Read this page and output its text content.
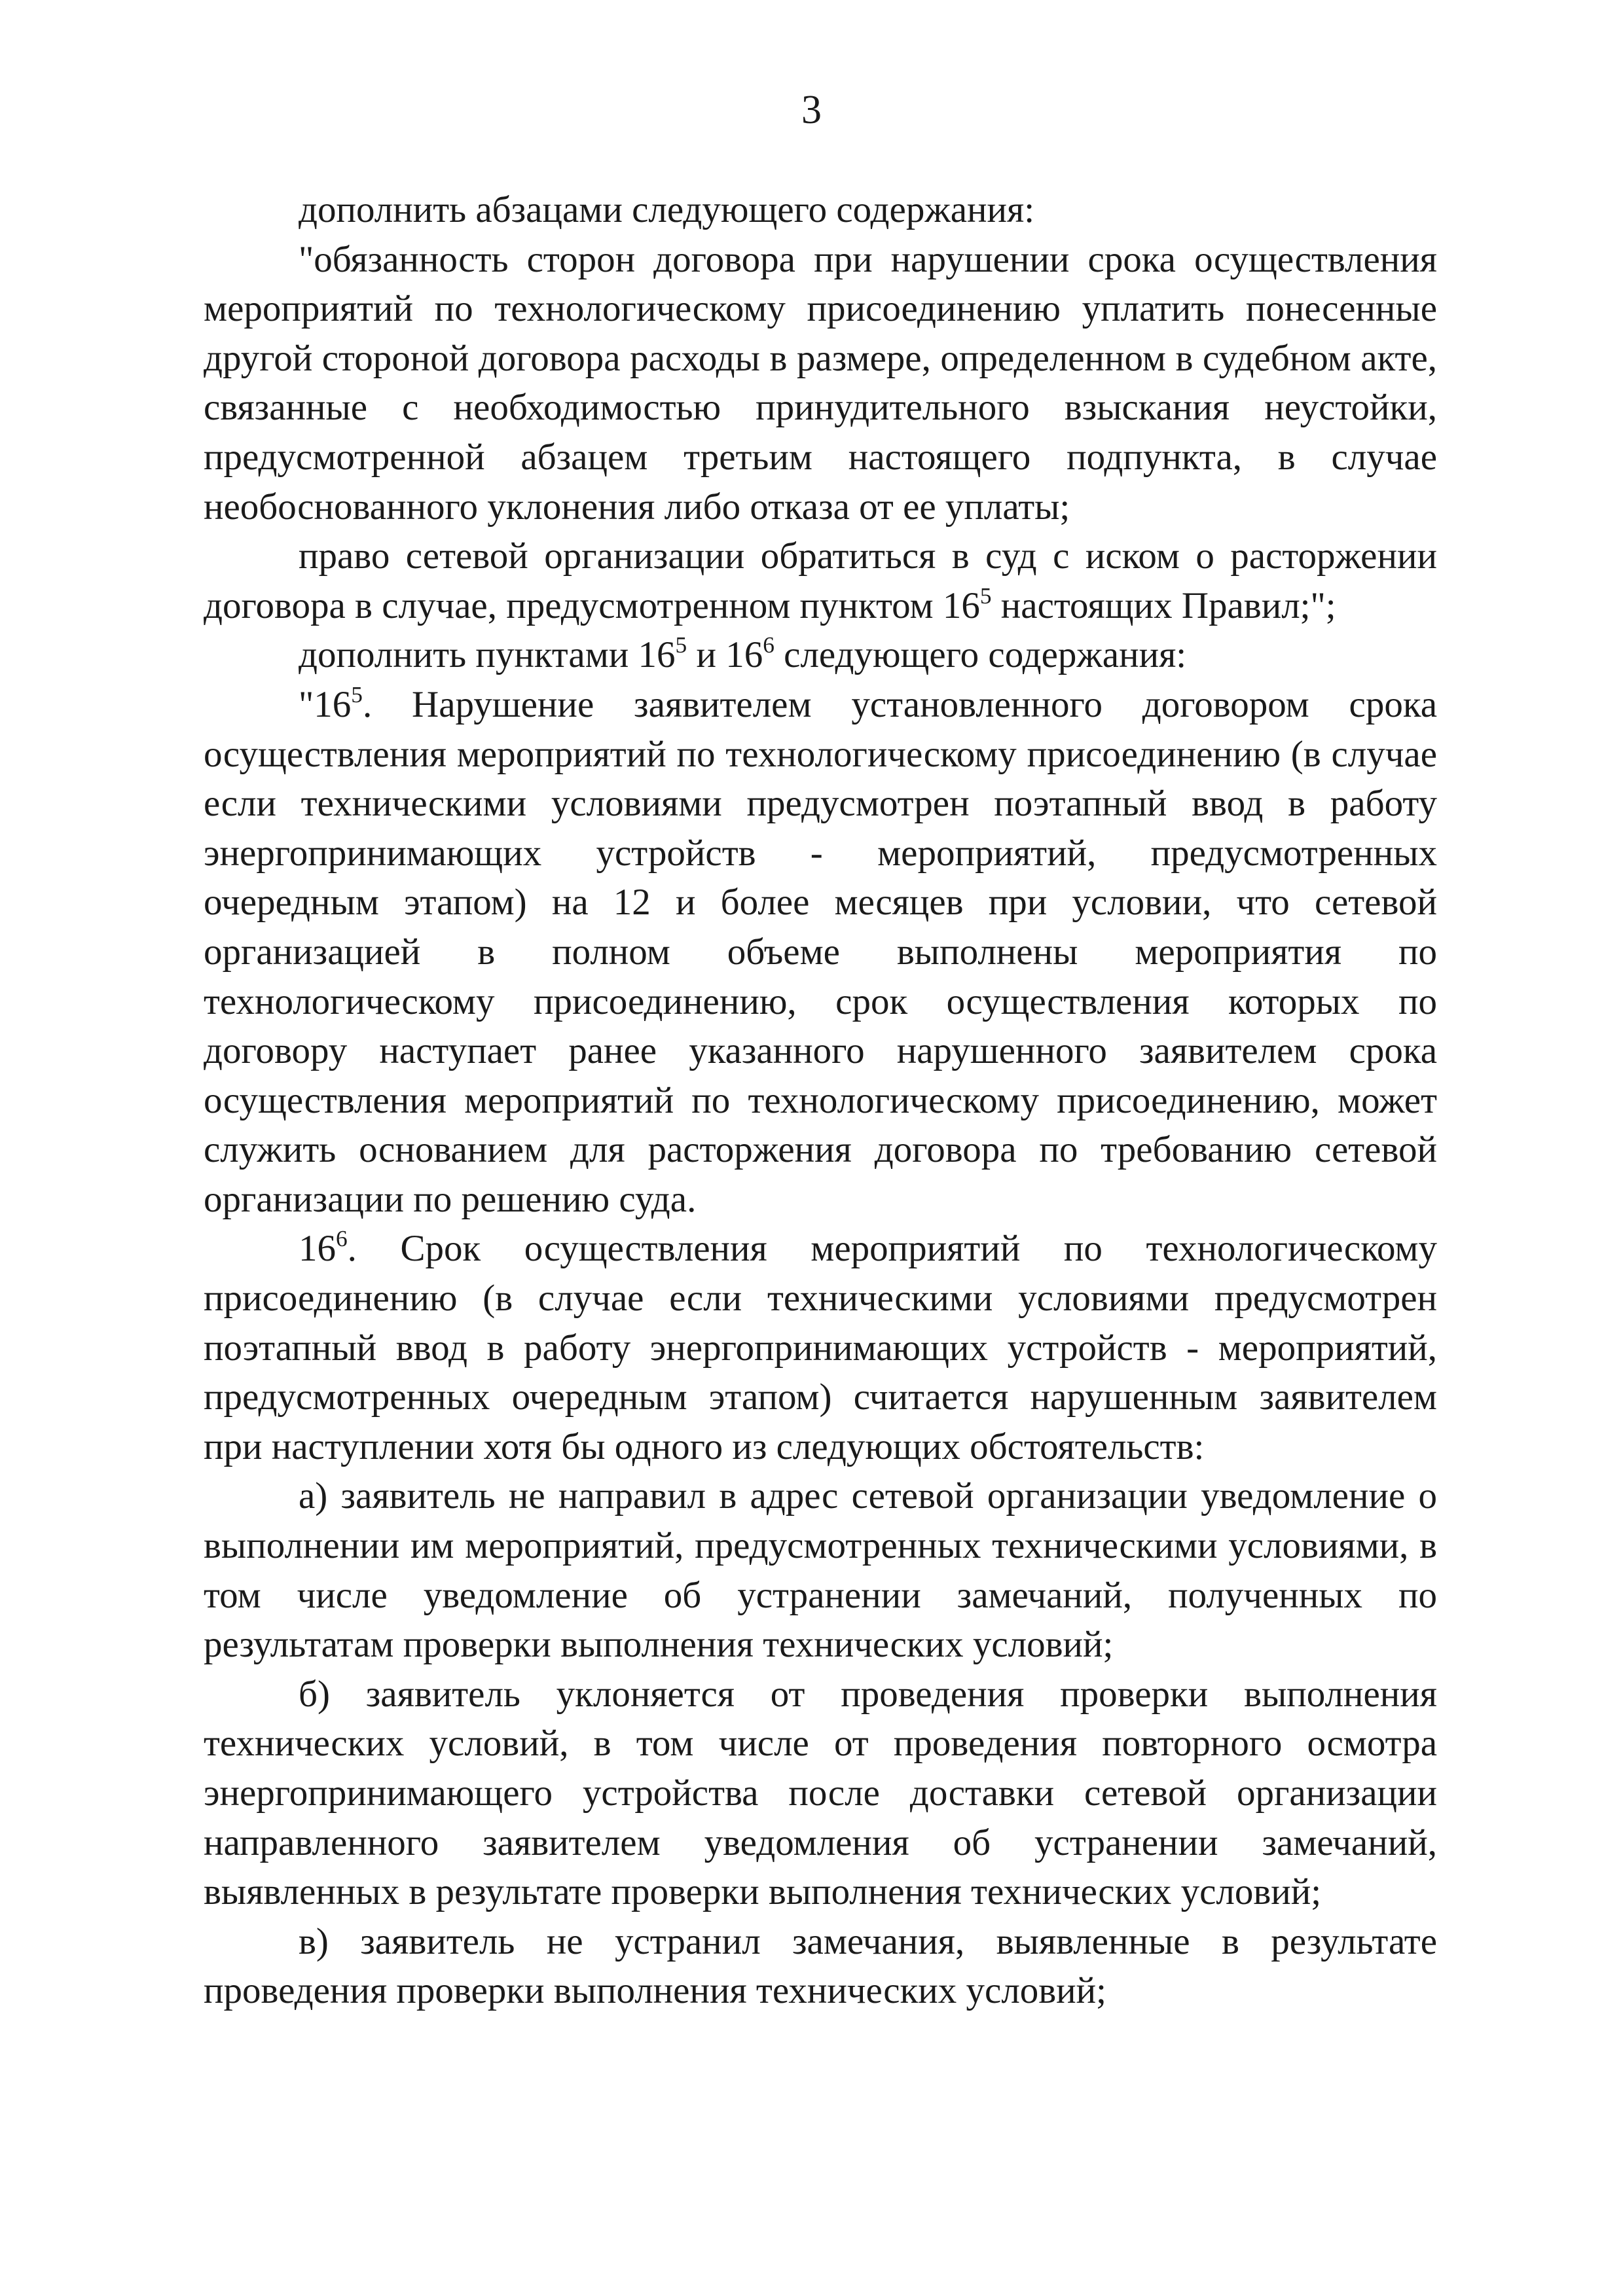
3

дополнить абзацами следующего содержания:

"обязанность сторон договора при нарушении срока осуществления мероприятий по технологическому присоединению уплатить понесенные другой стороной договора расходы в размере, определенном в судебном акте, связанные с необходимостью принудительного взыскания неустойки, предусмотренной абзацем третьим настоящего подпункта, в случае необоснованного уклонения либо отказа от ее уплаты;

право сетевой организации обратиться в суд с иском о расторжении договора в случае, предусмотренном пунктом $16^5$ настоящих Правил;";

дополнить пунктами $16^5$ и $16^6$ следующего содержания:

"$16^5$. Нарушение заявителем установленного договором срока осуществления мероприятий по технологическому присоединению (в случае если техническими условиями предусмотрен поэтапный ввод в работу энергопринимающих устройств - мероприятий, предусмотренных очередным этапом) на 12 и более месяцев при условии, что сетевой организацией в полном объеме выполнены мероприятия по технологическому присоединению, срок осуществления которых по договору наступает ранее указанного нарушенного заявителем срока осуществления мероприятий по технологическому присоединению, может служить основанием для расторжения договора по требованию сетевой организации по решению суда.

$16^6$. Срок осуществления мероприятий по технологическому присоединению (в случае если техническими условиями предусмотрен поэтапный ввод в работу энергопринимающих устройств - мероприятий, предусмотренных очередным этапом) считается нарушенным заявителем при наступлении хотя бы одного из следующих обстоятельств:

а) заявитель не направил в адрес сетевой организации уведомление о выполнении им мероприятий, предусмотренных техническими условиями, в том числе уведомление об устранении замечаний, полученных по результатам проверки выполнения технических условий;

б) заявитель уклоняется от проведения проверки выполнения технических условий, в том числе от проведения повторного осмотра энергопринимающего устройства после доставки сетевой организации направленного заявителем уведомления об устранении замечаний, выявленных в результате проверки выполнения технических условий;

в) заявитель не устранил замечания, выявленные в результате проведения проверки выполнения технических условий;
